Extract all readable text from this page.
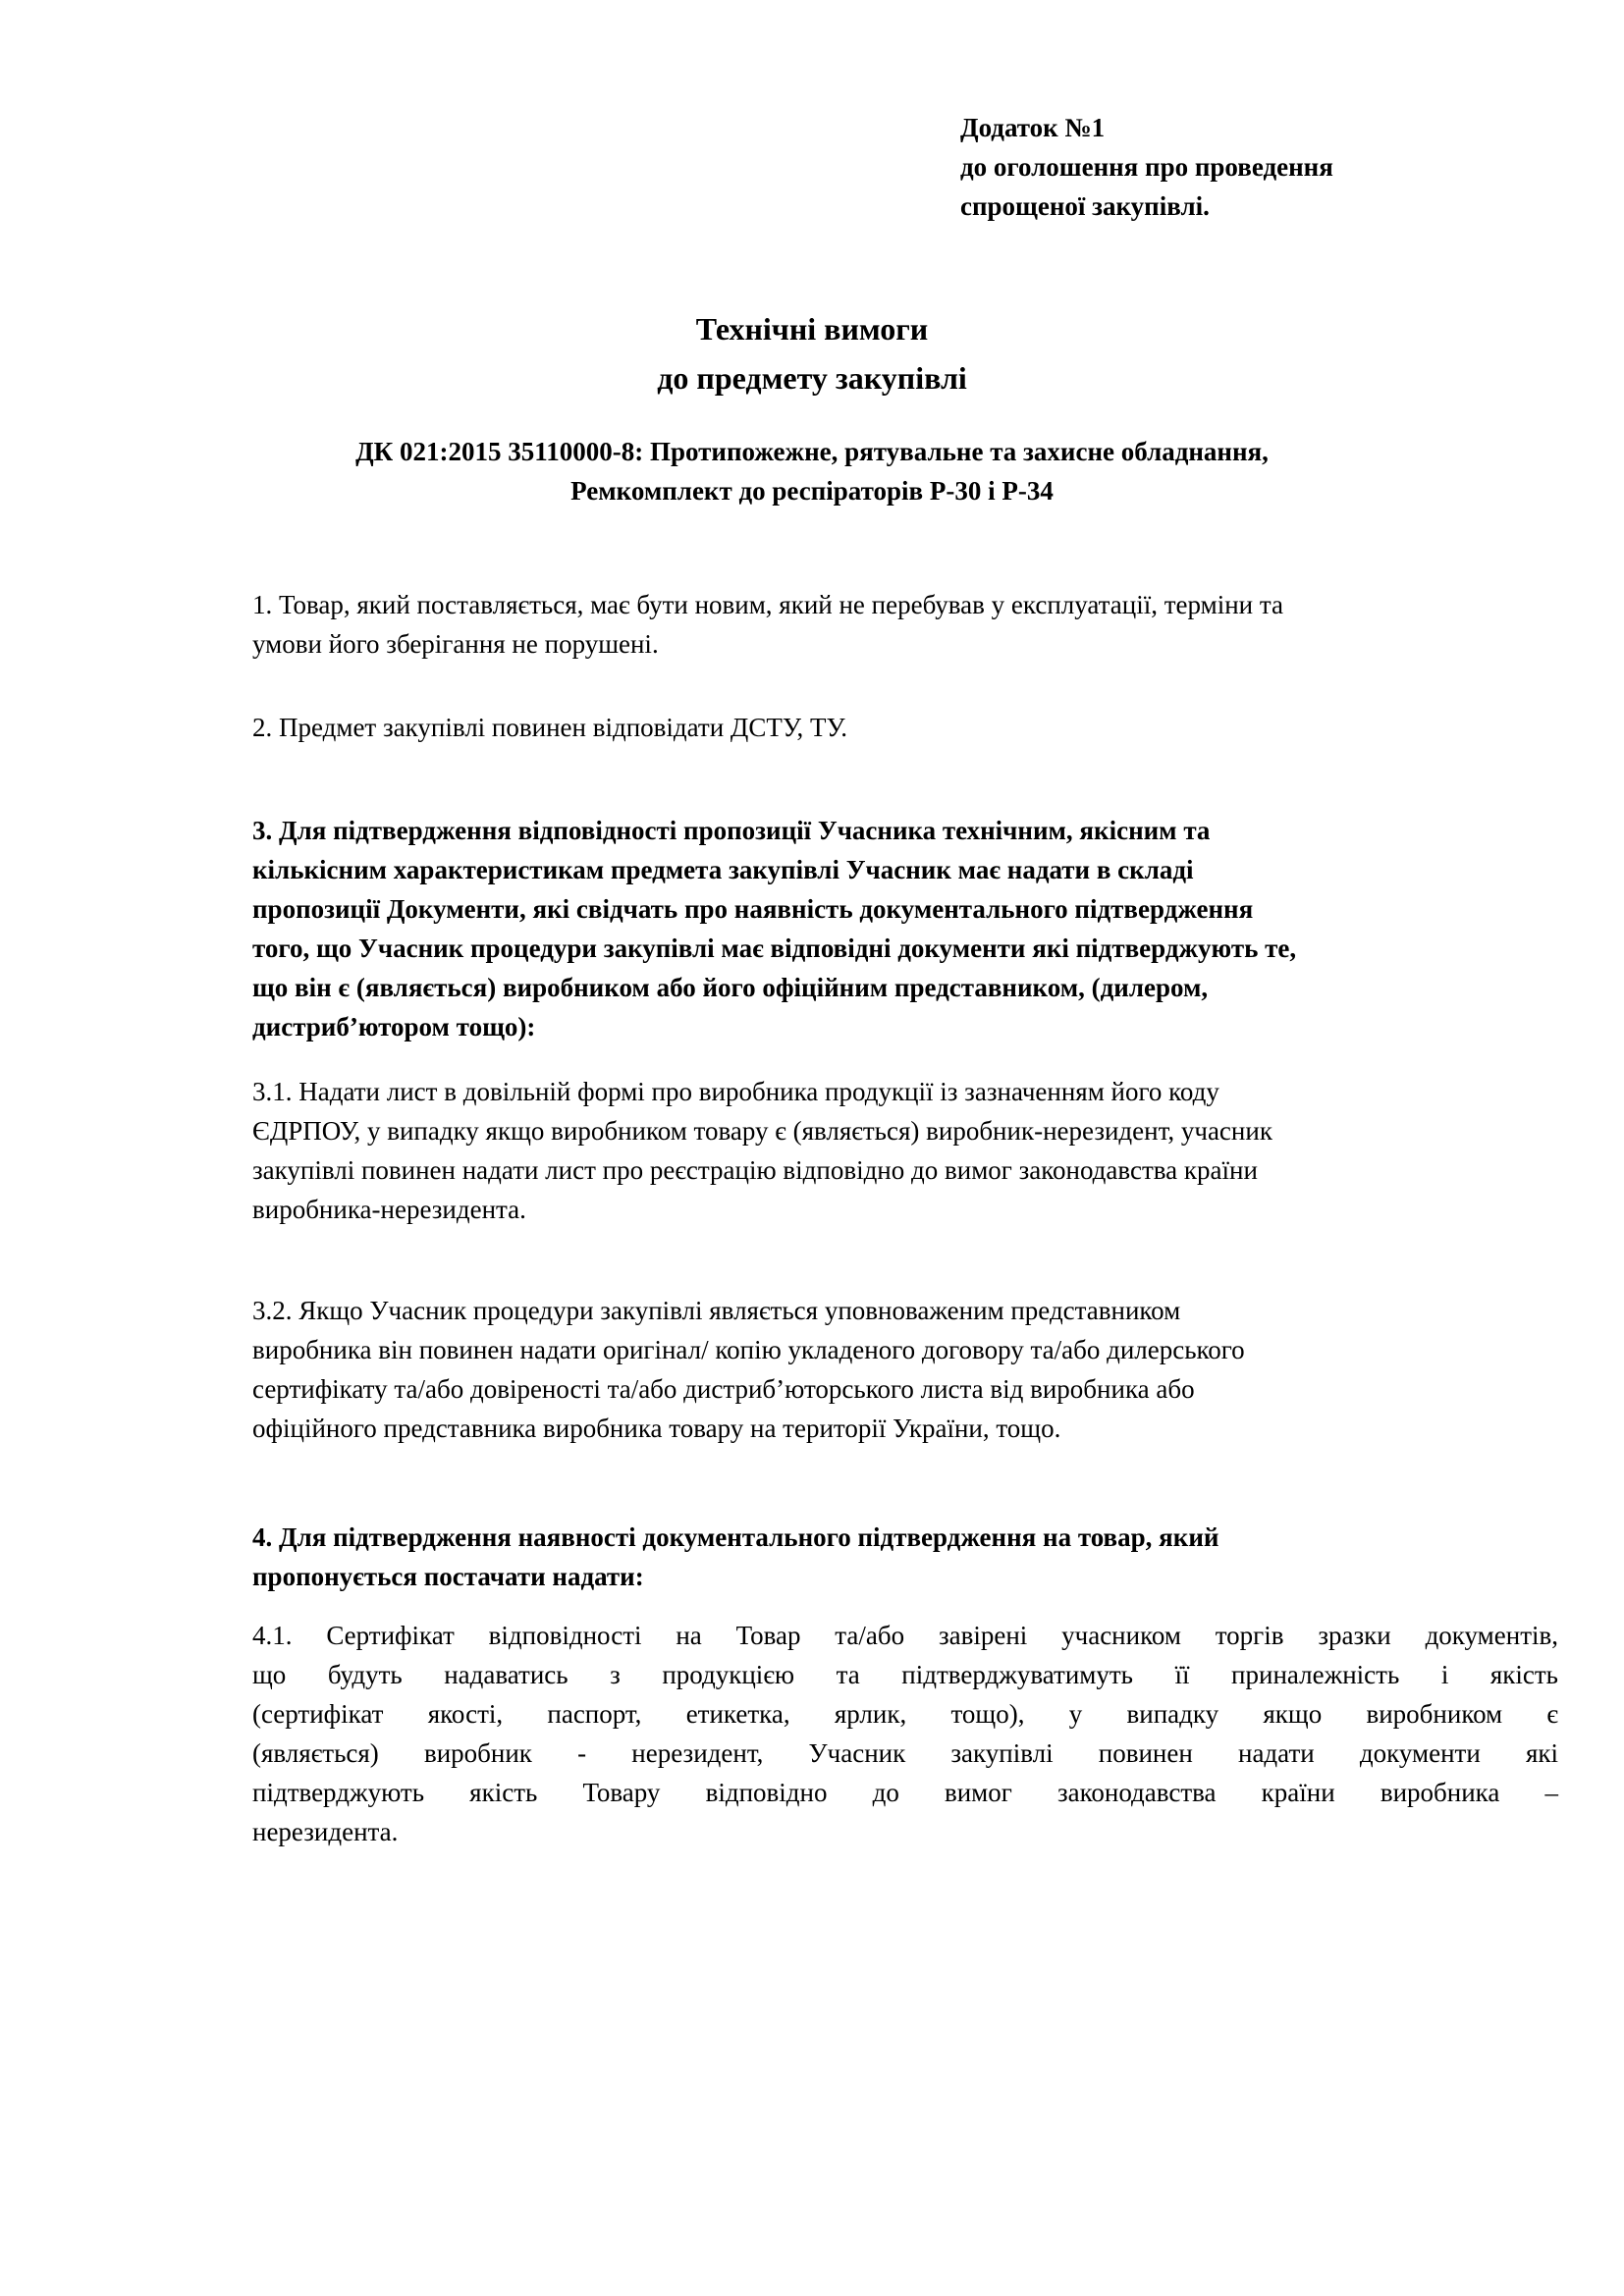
Додаток №1
до оголошення про проведення
спрощеної закупівлі.
Технічні вимоги
до предмету закупівлі
ДК 021:2015 35110000-8: Протипожежне, рятувальне та захисне обладнання,
Ремкомплект до респіраторів Р-30 і Р-34
1. Товар, який поставляється, має бути новим, який не перебував у експлуатації, терміни та
умови його зберігання не порушені.
2. Предмет закупівлі повинен відповідати ДСТУ, ТУ.
3. Для підтвердження відповідності пропозиції Учасника технічним, якісним та
кількісним характеристикам предмета закупівлі Учасник має надати в складі
пропозиції Документи, які свідчать про наявність документального підтвердження
того, що Учасник процедури закупівлі має відповідні документи які підтверджують те,
що він є (являється) виробником або його офіційним представником, (дилером,
дистриб’ютором тощо):
3.1. Надати лист в довільній формі про виробника продукції із зазначенням його коду
ЄДРПОУ, у випадку якщо виробником товару є (являється) виробник-нерезидент, учасник
закупівлі повинен надати лист про реєстрацію відповідно до вимог законодавства країни
виробника-нерезидента.
3.2. Якщо Учасник процедури закупівлі являється уповноваженим представником
виробника він повинен надати оригінал/ копію укладеного договору та/або дилерського
сертифікату та/або довіреності та/або дистриб’юторського листа від виробника або
офіційного представника виробника товару на території України, тощо.
4. Для підтвердження наявності документального підтвердження на товар, який
пропонується постачати надати:
4.1. Сертифікат відповідності на Товар та/або завірені учасником торгів зразки документів,
що будуть надаватись з продукцією та підтверджуватимуть її приналежність і якість
(сертифікат якості, паспорт, етикетка, ярлик, тощо), у випадку якщо виробником є
(являється) виробник - нерезидент, Учасник закупівлі повинен надати документи які
підтверджують якість Товару відповідно до вимог законодавства країни виробника –
нерезидента.
